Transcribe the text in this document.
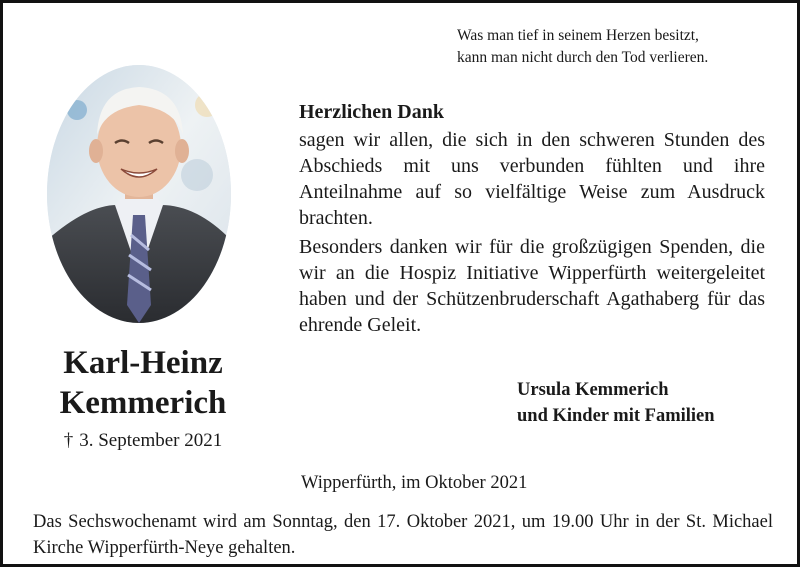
Was man tief in seinem Herzen besitzt,
kann man nicht durch den Tod verlieren.
Karl-Heinz
Kemmerich
† 3. September 2021
Herzlichen Dank

sagen wir allen, die sich in den schweren Stunden des Abschieds mit uns verbunden fühlten und ihre Anteilnahme auf so vielfältige Weise zum Ausdruck brachten.

Besonders danken wir für die großzügigen Spenden, die wir an die Hospiz Initiative Wipperfürth weitergeleitet haben und der Schützenbruderschaft Agathaberg für das ehrende Geleit.

Ursula Kemmerich
und Kinder mit Familien
Wipperfürth, im Oktober 2021
Das Sechswochenamt wird am Sonntag, den 17. Oktober 2021, um 19.00 Uhr in der St. Michael Kirche Wipperfürth-Neye gehalten.
